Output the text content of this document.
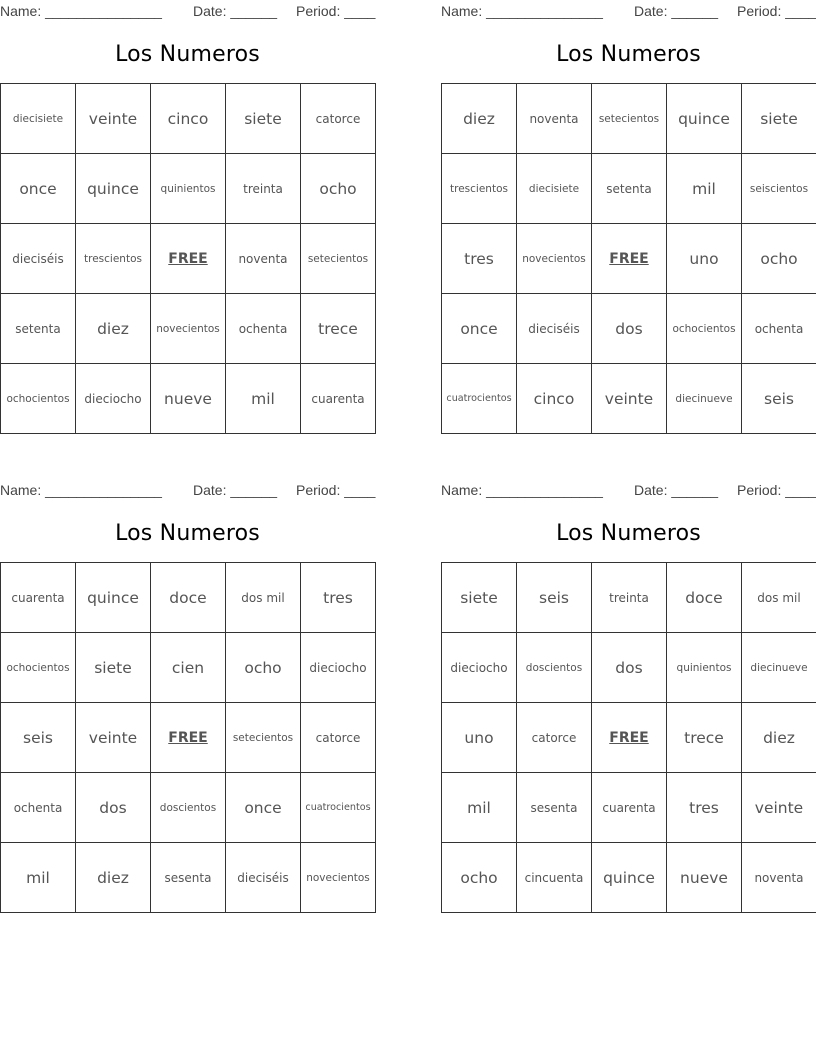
Name: _______________ Date: ______ Period: ____
Los Numeros
diecisiete	veinte	cinco	siete	catorce
once	quince	quinientos	treinta	ocho
dieciséis	trescientos	FREE	noventa	setecientos
setenta	diez	novecientos	ochenta	trece
ochocientos	dieciocho	nueve	mil	cuarenta
Name: _______________ Date: ______ Period: ____
Los Numeros
diez	noventa	setecientos	quince	siete
trescientos	diecisiete	setenta	mil	seiscientos
tres	novecientos	FREE	uno	ocho
once	dieciséis	dos	ochocientos	ochenta
cuatrocientos	cinco	veinte	diecinueve	seis
Name: _______________ Date: ______ Period: ____
Los Numeros
cuarenta	quince	doce	dos mil	tres
ochocientos	siete	cien	ocho	dieciocho
seis	veinte	FREE	setecientos	catorce
ochenta	dos	doscientos	once	cuatrocientos
mil	diez	sesenta	dieciséis	novecientos
Name: _______________ Date: ______ Period: ____
Los Numeros
siete	seis	treinta	doce	dos mil
dieciocho	doscientos	dos	quinientos	diecinueve
uno	catorce	FREE	trece	diez
mil	sesenta	cuarenta	tres	veinte
ocho	cincuenta	quince	nueve	noventa
